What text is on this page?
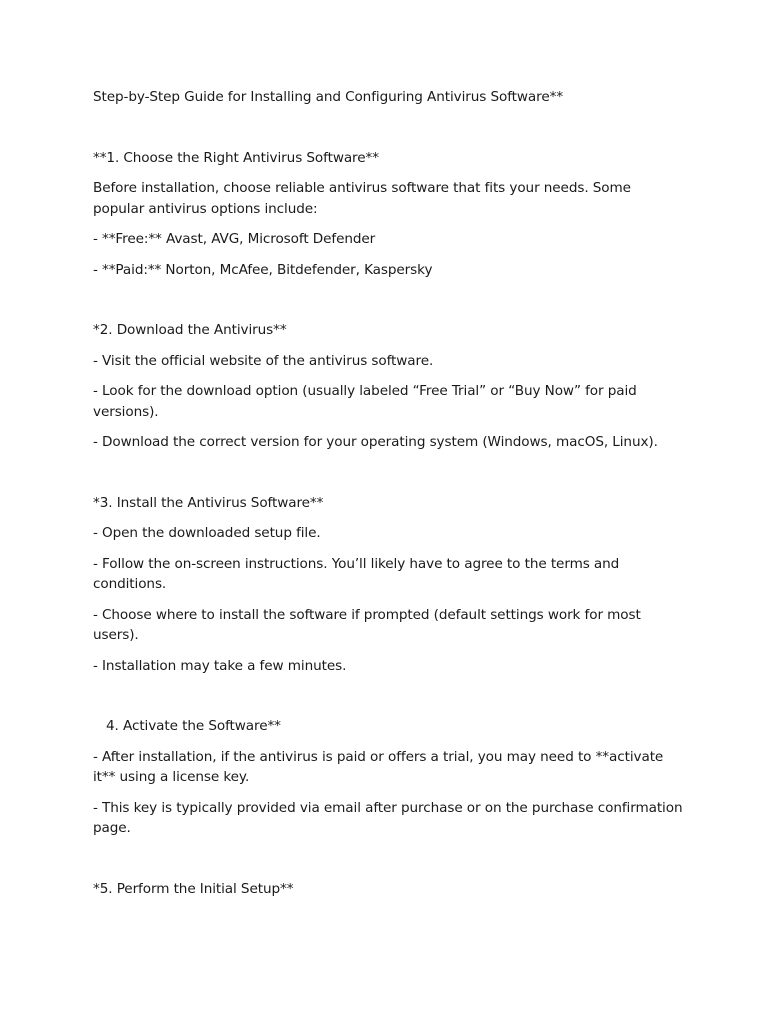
Step-by-Step Guide for Installing and Configuring Antivirus Software**

**1. Choose the Right Antivirus Software**

Before installation, choose reliable antivirus software that fits your needs. Some popular antivirus options include:

- **Free:** Avast, AVG, Microsoft Defender

- **Paid:** Norton, McAfee, Bitdefender, Kaspersky

*2. Download the Antivirus**

- Visit the official website of the antivirus software.

- Look for the download option (usually labeled “Free Trial” or “Buy Now” for paid versions).

- Download the correct version for your operating system (Windows, macOS, Linux).

*3. Install the Antivirus Software**

- Open the downloaded setup file.

- Follow the on-screen instructions. You’ll likely have to agree to the terms and conditions.

- Choose where to install the software if prompted (default settings work for most users).

- Installation may take a few minutes.

4. Activate the Software**

- After installation, if the antivirus is paid or offers a trial, you may need to **activate it** using a license key.

- This key is typically provided via email after purchase or on the purchase confirmation page.

*5. Perform the Initial Setup**
